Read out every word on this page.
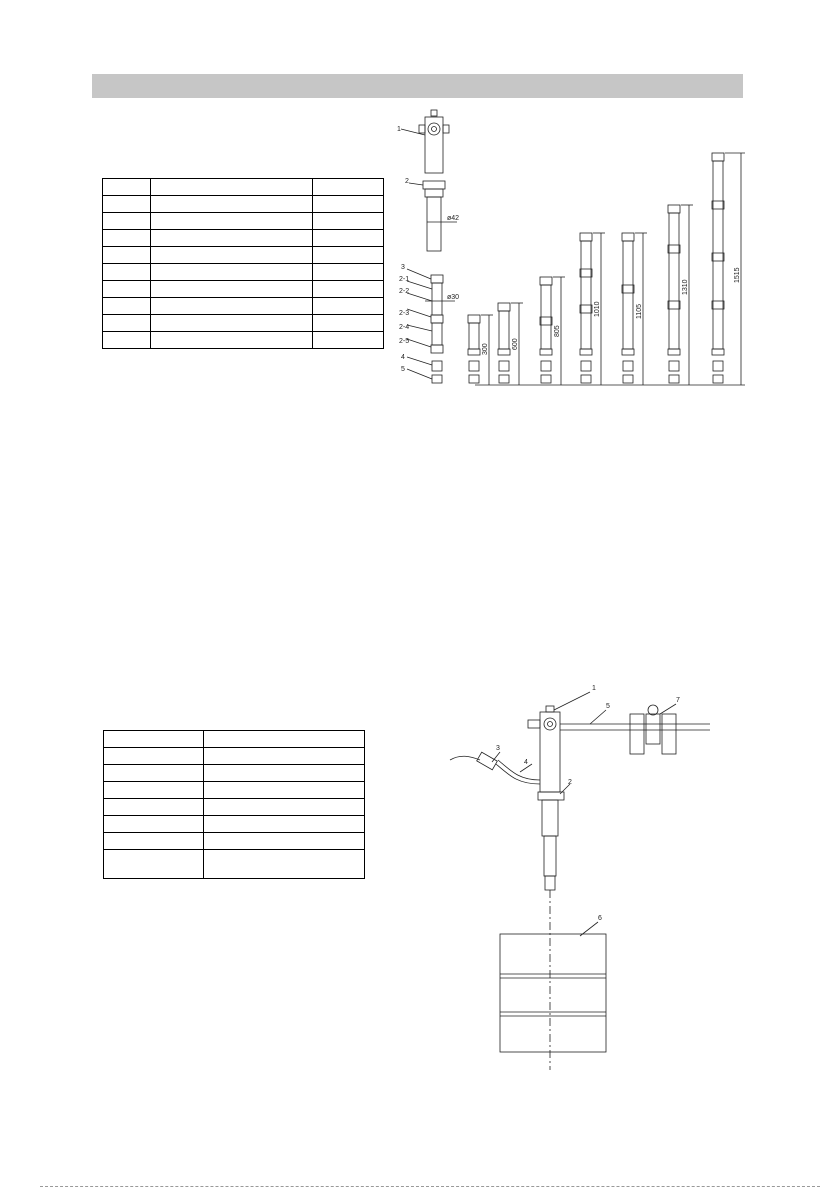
1
2
ø42
3
2-1
2-2
ø30
2-3
2-4
2-5
4
5
300	600
805
1010	1105
1310
1515

1
2
3
4
5
6
7
